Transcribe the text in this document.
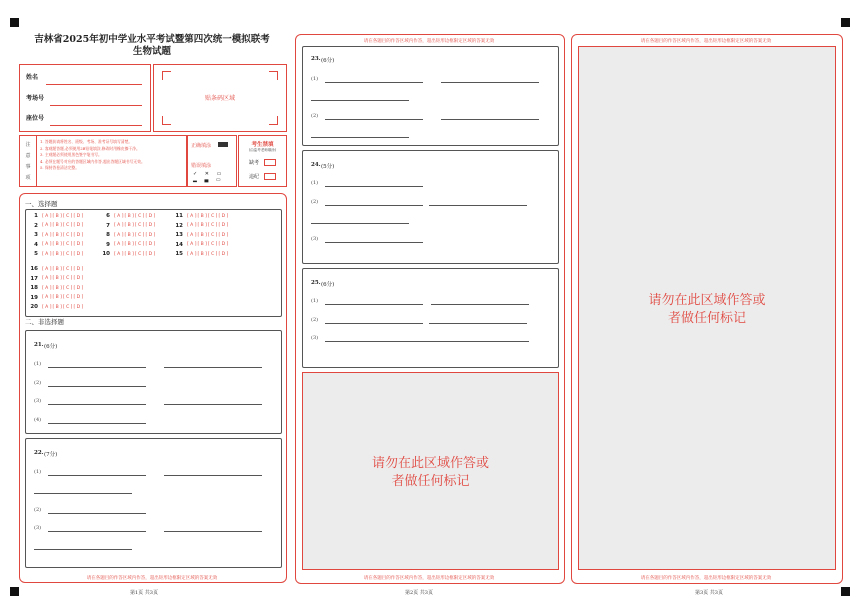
吉林省2025年初中学业水平考试暨第四次统一模拟联考
生物试题
姓名
考场号
座位号
贴条码区域
注
意
事
项
1. 答题前请将姓名、班级、考场、准考证号填写清楚。
2. 客观题答题,必须使用2B铅笔填涂,修改时用橡皮擦干净。
3. 主观题必须使用黑色签字笔书写。
4. 必须在题号对应的答题区域内作答,超出答题区域书写无效。
5. 保持答卷清洁完整。
正确填涂
错误填涂
✓ ✕ ▭
▂ ▄ ▭
考生禁填
(由监考老师填涂)
缺考
违纪
一、选择题
1 [ A ] [ B ] [ C ] [ D ]
2 [ A ] [ B ] [ C ] [ D ]
3 [ A ] [ B ] [ C ] [ D ]
4 [ A ] [ B ] [ C ] [ D ]
5 [ A ] [ B ] [ C ] [ D ]
6 [ A ] [ B ] [ C ] [ D ]
7 [ A ] [ B ] [ C ] [ D ]
8 [ A ] [ B ] [ C ] [ D ]
9 [ A ] [ B ] [ C ] [ D ]
10 [ A ] [ B ] [ C ] [ D ]
11 [ A ] [ B ] [ C ] [ D ]
12 [ A ] [ B ] [ C ] [ D ]
13 [ A ] [ B ] [ C ] [ D ]
14 [ A ] [ B ] [ C ] [ D ]
15 [ A ] [ B ] [ C ] [ D ]
16 [ A ] [ B ] [ C ] [ D ]
17 [ A ] [ B ] [ C ] [ D ]
18 [ A ] [ B ] [ C ] [ D ]
19 [ A ] [ B ] [ C ] [ D ]
20 [ A ] [ B ] [ C ] [ D ]
二、非选择题
21. (6分)
(1)
(2)
(3)
(4)
22. (7分)
(1)
(2)
(3)
请在各题目的作答区域内作答，超出矩形边框限定区域的答案无效
第1页 共3页
请在各题目的作答区域内作答，超出矩形边框限定区域的答案无效
23. (6分)
(1)
(2)
24. (5分)
(1)
(2)
(3)
25. (6分)
(1)
(2)
(3)
请勿在此区域作答或
者做任何标记
请在各题目的作答区域内作答，超出矩形边框限定区域的答案无效
第2页 共3页
请在各题目的作答区域内作答，超出矩形边框限定区域的答案无效
请勿在此区域作答或
者做任何标记
请在各题目的作答区域内作答，超出矩形边框限定区域的答案无效
第3页 共3页
